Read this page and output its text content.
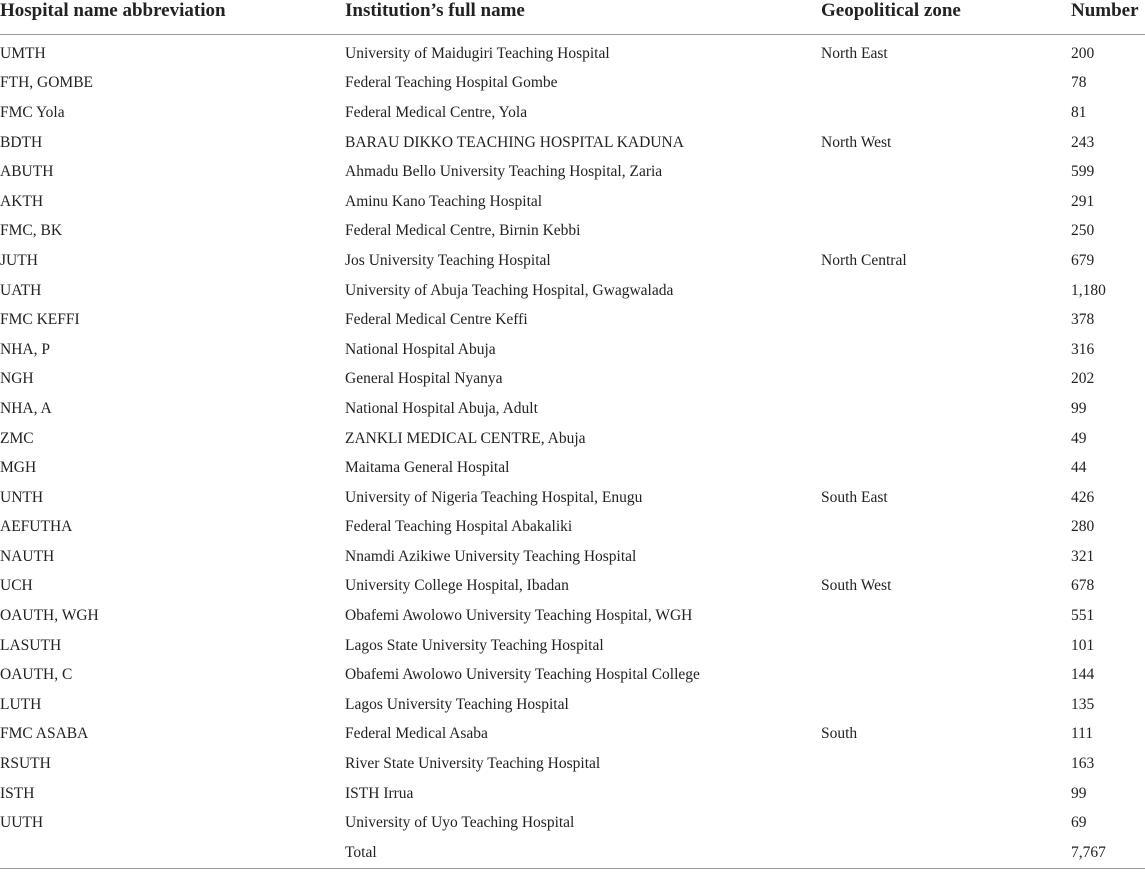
Hospital name abbreviation	Institution’s full name	Geopolitical zone	Number
UMTH	University of Maidugiri Teaching Hospital	North East	200
FTH, GOMBE	Federal Teaching Hospital Gombe		78
FMC Yola	Federal Medical Centre, Yola		81
BDTH	BARAU DIKKO TEACHING HOSPITAL KADUNA	North West	243
ABUTH	Ahmadu Bello University Teaching Hospital, Zaria		599
AKTH	Aminu Kano Teaching Hospital		291
FMC, BK	Federal Medical Centre, Birnin Kebbi		250
JUTH	Jos University Teaching Hospital	North Central	679
UATH	University of Abuja Teaching Hospital, Gwagwalada		1,180
FMC KEFFI	Federal Medical Centre Keffi		378
NHA, P	National Hospital Abuja		316
NGH	General Hospital Nyanya		202
NHA, A	National Hospital Abuja, Adult		99
ZMC	ZANKLI MEDICAL CENTRE, Abuja		49
MGH	Maitama General Hospital		44
UNTH	University of Nigeria Teaching Hospital, Enugu	South East	426
AEFUTHA	Federal Teaching Hospital Abakaliki		280
NAUTH	Nnamdi Azikiwe University Teaching Hospital		321
UCH	University College Hospital, Ibadan	South West	678
OAUTH, WGH	Obafemi Awolowo University Teaching Hospital, WGH		551
LASUTH	Lagos State University Teaching Hospital		101
OAUTH, C	Obafemi Awolowo University Teaching Hospital College		144
LUTH	Lagos University Teaching Hospital		135
FMC ASABA	Federal Medical Asaba	South	111
RSUTH	River State University Teaching Hospital		163
ISTH	ISTH Irrua		99
UUTH	University of Uyo Teaching Hospital		69
	Total		7,767
